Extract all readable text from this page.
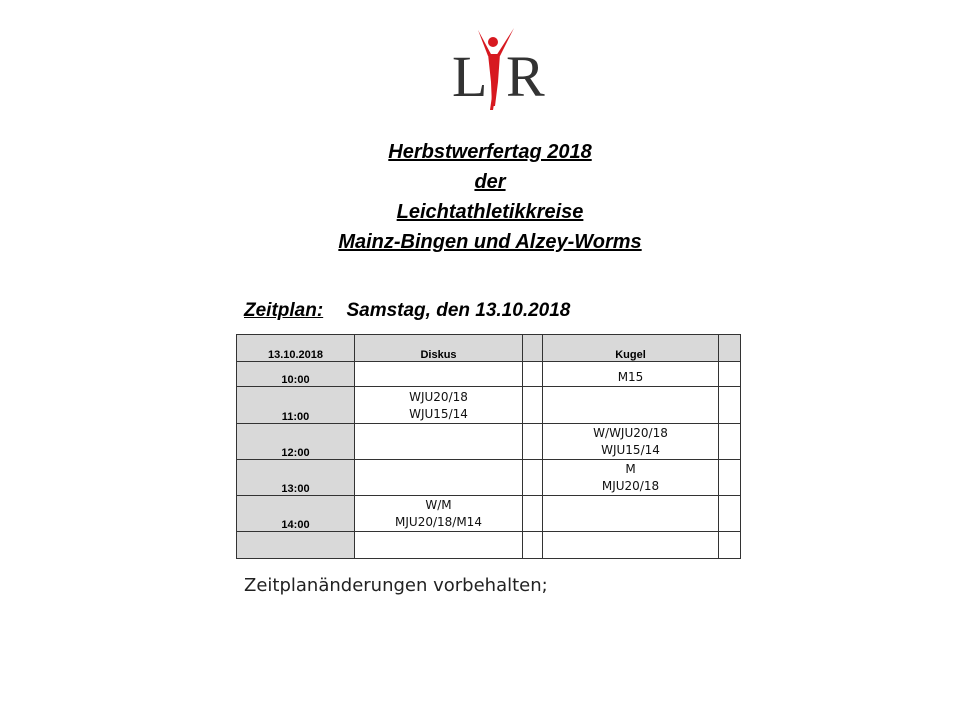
L R
Herbstwerfertag 2018
der
Leichtathletikkreise
Mainz-Bingen und Alzey-Worms
Zeitplan: Samstag, den 13.10.2018
13.10.2018	Diskus		Kugel	
10:00			M15	

11:00	WJU20/18
WJU15/14			

12:00			W/WJU20/18
WJU15/14	

13:00			M
MJU20/18	

14:00	W/M
MJU20/18/M14			

Zeitplanänderungen vorbehalten;
